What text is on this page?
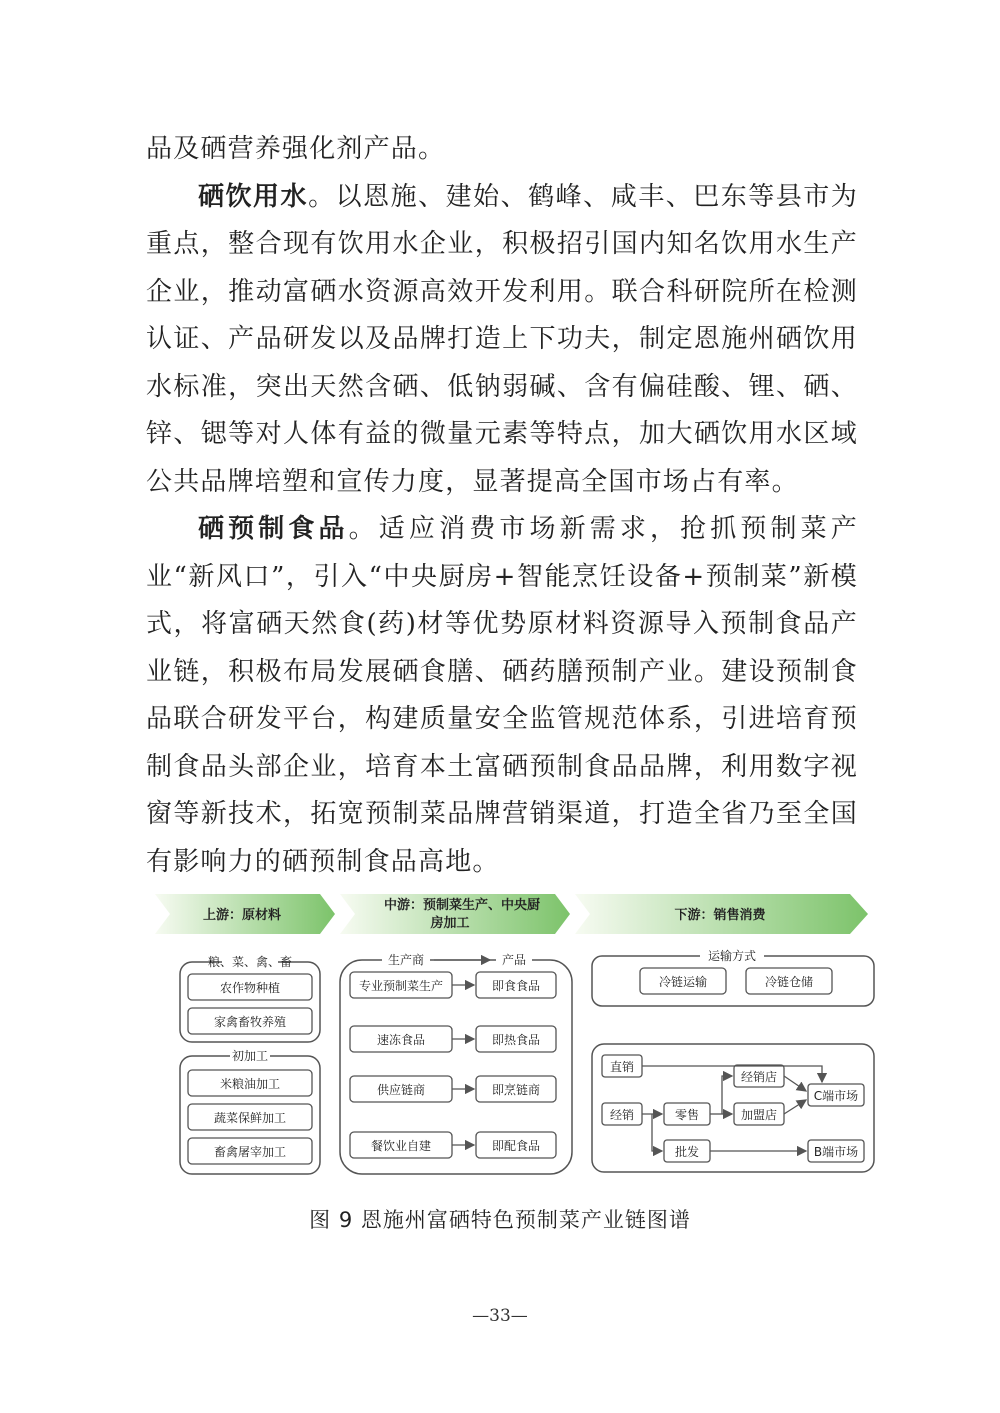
品及硒营养强化剂产品。

硒饮用水。以恩施、建始、鹤峰、咸丰、巴东等县市为重点，整合现有饮用水企业，积极招引国内知名饮用水生产企业，推动富硒水资源高效开发利用。联合科研院所在检测认证、产品研发以及品牌打造上下功夫，制定恩施州硒饮用水标准，突出天然含硒、低钠弱碱、含有偏硅酸、锂、硒、锌、锶等对人体有益的微量元素等特点，加大硒饮用水区域公共品牌培塑和宣传力度，显著提高全国市场占有率。

硒预制食品。适应消费市场新需求，抢抓预制菜产业“新风口”，引入“中央厨房+智能烹饪设备+预制菜”新模式，将富硒天然食(药)材等优势原材料资源导入预制食品产业链，积极布局发展硒食膳、硒药膳预制产业。建设预制食品联合研发平台，构建质量安全监管规范体系，引进培育预制食品头部企业，培育本土富硒预制食品品牌，利用数字视窗等新技术，拓宽预制菜品牌营销渠道，打造全省乃至全国有影响力的硒预制食品高地。

上游：原材料
中游：预制菜生产、中央厨
房加工
下游：销售消费
粮、菜、禽、畜
农作物种植
家禽畜牧养殖
初加工
米粮油加工
蔬菜保鲜加工
畜禽屠宰加工
生产商	产品
专业预制菜生产	即食食品
速冻食品	即热食品
供应链商	即烹链商
餐饮业自建	即配食品
运输方式
冷链运输	冷链仓储
直销
经销	零售
批发
经销店
加盟店
C端市场
B端市场
图 9 恩施州富硒特色预制菜产业链图谱
—33—
